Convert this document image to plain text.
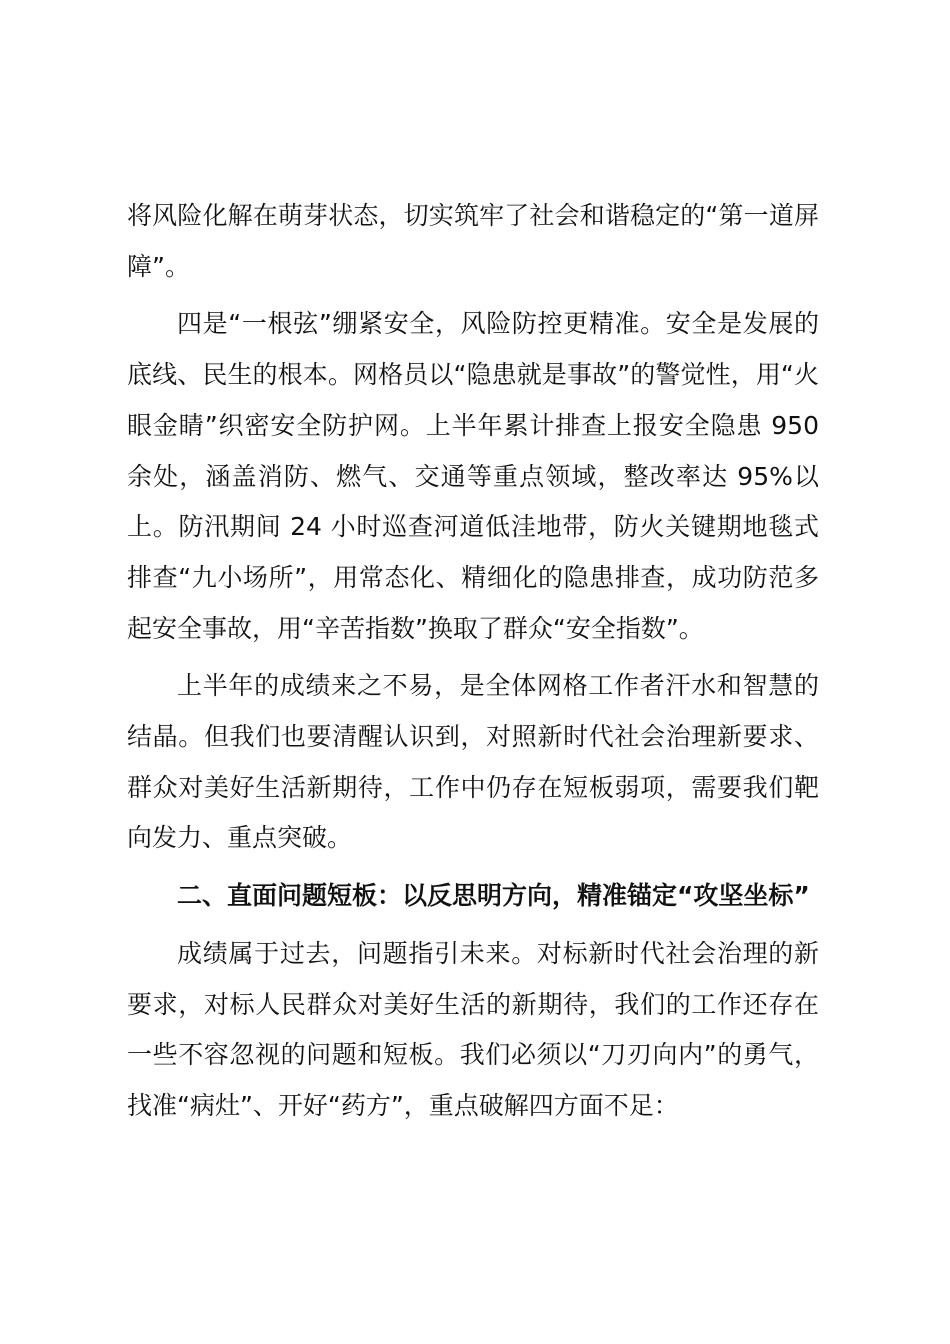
将风险化解在萌芽状态，切实筑牢了社会和谐稳定的“第一道屏障”。

四是“一根弦”绷紧安全，风险防控更精准。安全是发展的底线、民生的根本。网格员以“隐患就是事故”的警觉性，用“火眼金睛”织密安全防护网。上半年累计排查上报安全隐患 950 余处，涵盖消防、燃气、交通等重点领域，整改率达 95%以上。防汛期间 24 小时巡查河道低洼地带，防火关键期地毯式排查“九小场所”，用常态化、精细化的隐患排查，成功防范多起安全事故，用“辛苦指数”换取了群众“安全指数”。

上半年的成绩来之不易，是全体网格工作者汗水和智慧的结晶。但我们也要清醒认识到，对照新时代社会治理新要求、群众对美好生活新期待，工作中仍存在短板弱项，需要我们靶向发力、重点突破。

二、直面问题短板：以反思明方向，精准锚定“攻坚坐标”

成绩属于过去，问题指引未来。对标新时代社会治理的新要求，对标人民群众对美好生活的新期待，我们的工作还存在一些不容忽视的问题和短板。我们必须以“刀刃向内”的勇气，找准“病灶”、开好“药方”，重点破解四方面不足：
